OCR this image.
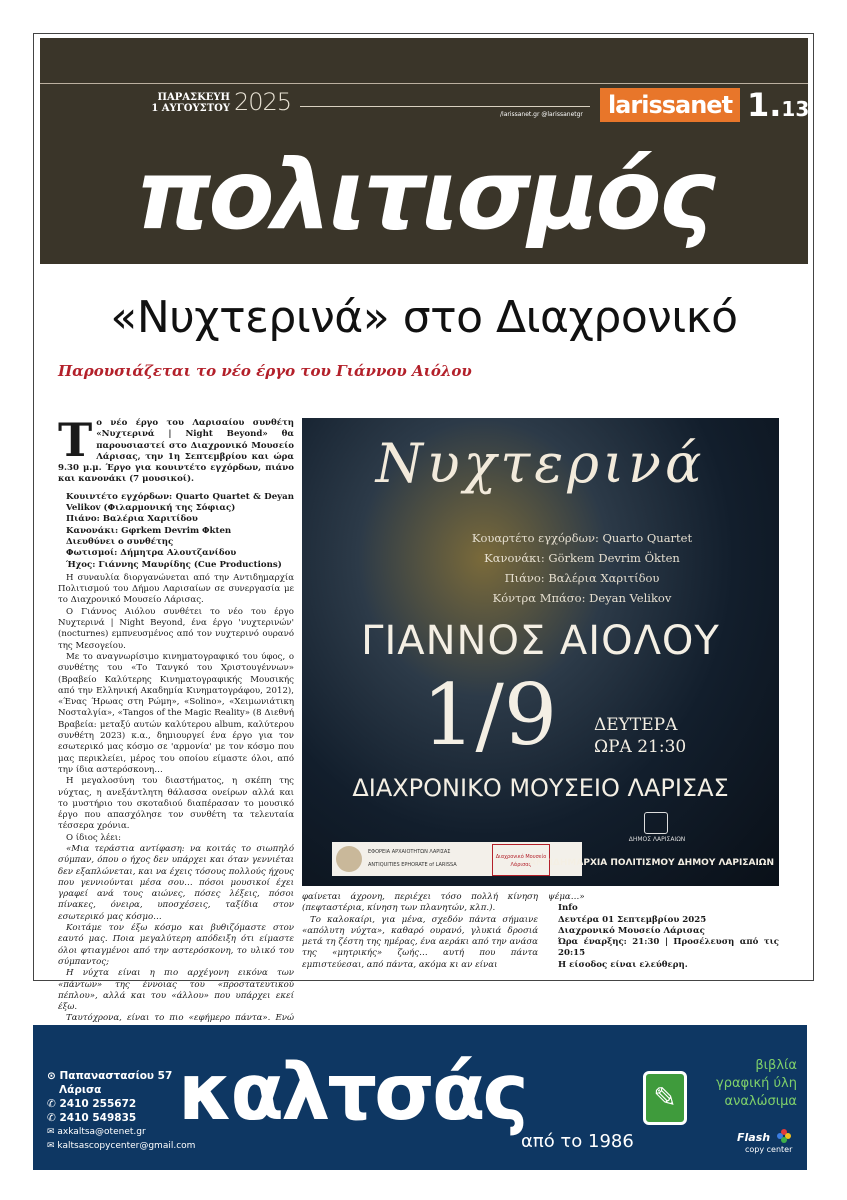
ΠΑΡΑΣΚΕΥΗ
1 ΑΥΓΟΥΣΤΟΥ 2025	/larissanet.gr @larissanetgr	larissanet 1.13
πολιτισμός
«Νυχτερινά» στο Διαχρονικό
Παρουσιάζεται το νέο έργο του Γιάννου Αιόλου

Το νέο έργο του Λαρισαίου συνθέτη «Νυχτερινά | Night Beyond» θα παρουσιαστεί στο Διαχρονικό Μουσείο Λάρισας, την 1η Σεπτεμβρίου και ώρα 9.30 μ.μ. Έργο για κουιντέτο εγχόρδων, πιάνο και κανονάκι (7 μουσικοί).

Κουιντέτο εγχόρδων: Quarto Quartet & Deyan Velikov (Φιλαρμονική της Σόφιας)
Πιάνο: Βαλέρια Χαριτίδου
Κανονάκι: Gφrkem Devrim Φkten
Διευθύνει ο συνθέτης
Φωτισμοί: Δήμητρα Αλουτζανίδου
Ήχος: Γιάννης Μαυρίδης (Cue Productions)

Η συναυλία διοργανώνεται από την Αντιδημαρχία Πολιτισμού του Δήμου Λαρισαίων σε συνεργασία με το Διαχρονικό Μουσείο Λάρισας.

Ο Γιάννος Αιόλου συνθέτει το νέο του έργο Νυχτερινά | Night Beyond, ένα έργο 'νυχτερινών' (nocturnes) εμπνευσμένος από τον νυχτερινό ουρανό της Μεσογείου.

Με το αναγνωρίσιμο κινηματογραφικό του ύφος, ο συνθέτης του «Το Τανγκό του Χριστουγέννων» (Βραβείο Καλύτερης Κινηματογραφικής Μουσικής από την Ελληνική Ακαδημία Κινηματογράφου, 2012), «Ένας Ήρωας στη Ρώμη», «Solino», «Χειμωνιάτικη Νοσταλγία», «Tangos of the Magic Reality» (8 Διεθνή Βραβεία: μεταξύ αυτών καλύτερου album, καλύτερου συνθέτη 2023) κ.α., δημιουργεί ένα έργο για τον εσωτερικό μας κόσμο σε 'αρμονία' με τον κόσμο που μας περικλείει, μέρος του οποίου είμαστε όλοι, από την ίδια αστερόσκονη…

Η μεγαλοσύνη του διαστήματος, η σκέπη της νύχτας, η ανεξάντλητη θάλασσα ονείρων αλλά και το μυστήριο του σκοταδιού διαπέρασαν το μουσικό έργο που απασχόλησε τον συνθέτη τα τελευταία τέσσερα χρόνια.

Ο ίδιος λέει:

«Μια τεράστια αντίφαση: να κοιτάς το σιωπηλό σύμπαν, όπου ο ήχος δεν υπάρχει και όταν γεννιέται δεν εξαπλώνεται, και να έχεις τόσους πολλούς ήχους που γεννιούνται μέσα σου… πόσοι μουσικοί έχει γραφεί ανά τους αιώνες, πόσες λέξεις, πόσοι πίνακες, όνειρα, υποσχέσεις, ταξίδια στον εσωτερικό μας κόσμο…

Κοιτάμε τον έξω κόσμο και βυθιζόμαστε στον εαυτό μας. Ποια μεγαλύτερη απόδειξη ότι είμαστε όλοι φτιαγμένοι από την αστερόσκονη, το υλικό του σύμπαντος;

Η νύχτα είναι η πιο αρχέγονη εικόνα των «πάντων» της έννοιας του «προστατευτικού πέπλου», αλλά και του «άλλου» που υπάρχει εκεί έξω.

Ταυτόχρονα, είναι το πιο «εφήμερο πάντα». Ενώ

Νυχτερινά
Κουαρτέτο εγχόρδων: Quarto Quartet
Κανονάκι: Görkem Devrim Ökten
Πιάνο: Βαλέρια Χαριτίδου
Κόντρα Μπάσο: Deyan Velikov
ΓΙΑΝΝΟΣ ΑΙΟΛΟΥ
1/9 ΔΕΥΤΕΡΑ
ΩΡΑ 21:30
ΔΙΑΧΡΟΝΙΚΟ ΜΟΥΣΕΙΟ ΛΑΡΙΣΑΣ
ΕΦΟΡΕΙΑ ΑΡΧΑΙΟΤΗΤΩΝ ΛΑΡΙΣΑΣ
ANTIQUITIES EPHORATE of LARISSA

Διαχρονικό Μουσείο Λάρισας
ΔΗΜΟΣ ΛΑΡΙΣΑΙΩΝ
ΑΝΤΙΔΗΜΑΡΧΙΑ ΠΟΛΙΤΙΣΜΟΥ ΔΗΜΟΥ ΛΑΡΙΣΑΙΩΝ

φαίνεται άχρονη, περιέχει τόσο πολλή κίνηση (πεφταστέρια, κίνηση των πλανητών, κλπ.).

Το καλοκαίρι, για μένα, σχεδόν πάντα σήμαινε «απόλυτη νύχτα», καθαρό ουρανό, γλυκιά δροσιά μετά τη ζέστη της ημέρας, ένα αεράκι από την ανάσα της «μητρικής» ζωής… αυτή που πάντα εμπιστεύεσαι, από πάντα, ακόμα κι αν είναι

ψέμα…»

Info
Δευτέρα 01 Σεπτεμβρίου 2025
Διαχρονικό Μουσείο Λάρισας
Ώρα έναρξης: 21:30 | Προσέλευση από τις 20:15
Η είσοδος είναι ελεύθερη.
⊙ Παπαναστασίου 57
Λάρισα
✆ 2410 255672
✆ 2410 549835
✉ axkaltsa@otenet.gr
✉ kaltsascopycenter@gmail.com
καλτσάς	✎
από το 1986
βιβλία
γραφική ύλη
αναλώσιμα
Flash
copy center
